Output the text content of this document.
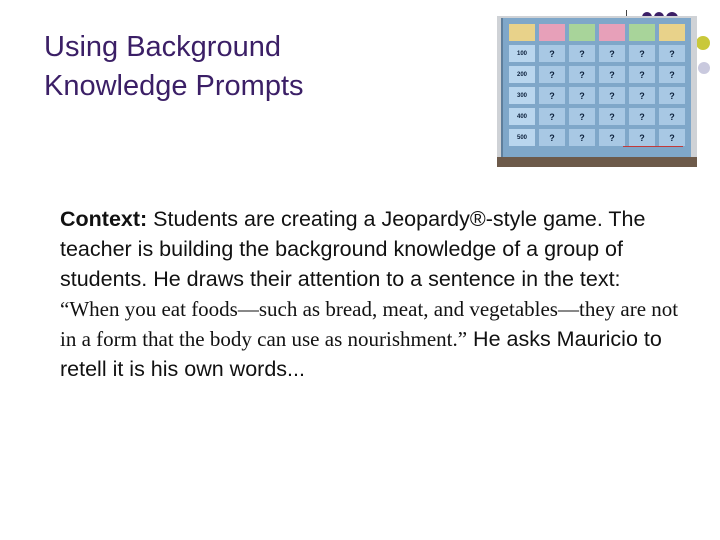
Using Background
Knowledge Prompts
100	?	?	?	?	?
200	?	?	?	?	?
300	?	?	?	?	?
400	?	?	?	?	?
500	?	?	?	?	?
Context: Students are creating a Jeopardy®-style game. The teacher is building the background knowledge of a group of students. He draws their attention to a sentence in the text: “When you eat foods—such as bread, meat, and vegetables—they are not in a form that the body can use as nourishment.” He asks Mauricio to retell it is his own words...
